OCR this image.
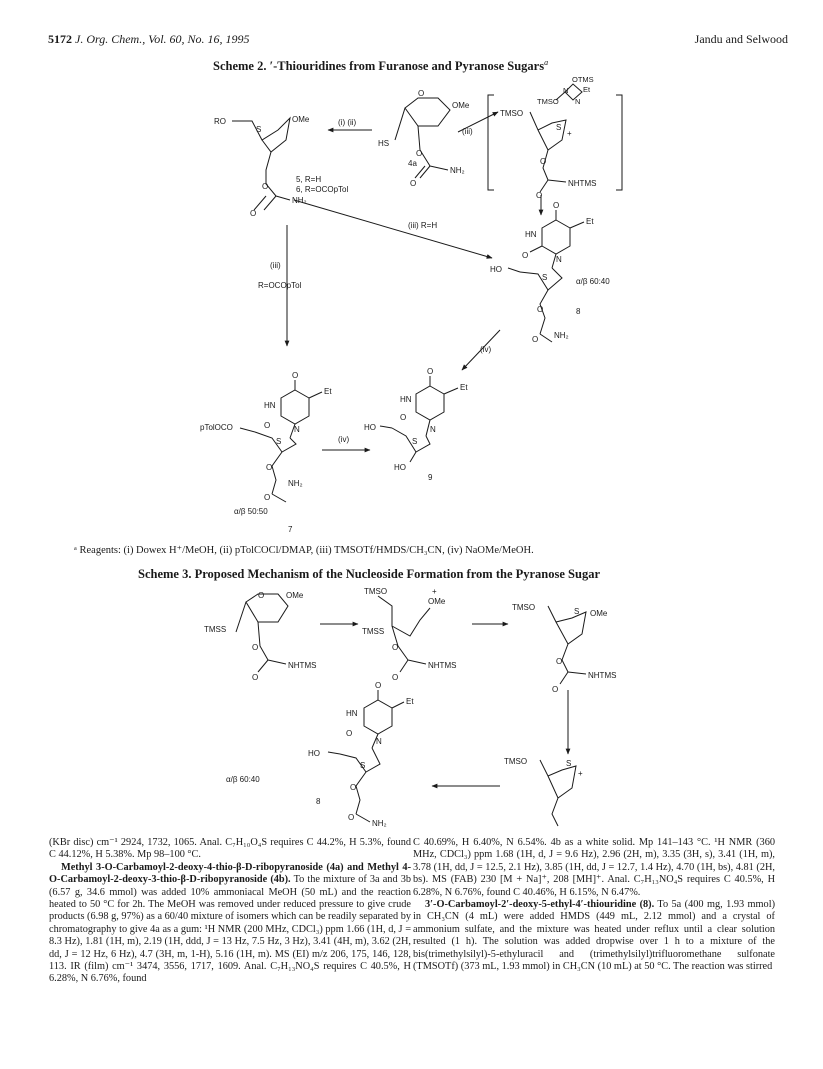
5172 J. Org. Chem., Vol. 60, No. 16, 1995	Jandu and Selwood
Scheme 2. ′-Thiouridines from Furanose and Pyranose Sugars$^a$
ᵃ Reagents: (i) Dowex H⁺/MeOH, (ii) pTolCOCl/DMAP, (iii) TMSOTf/HMDS/CH₃CN, (iv) NaOMe/MeOH.
Scheme 3. Proposed Mechanism of the Nucleoside Formation from the Pyranose Sugar
RO
S
OMe
O
O
NH₂
5, R=H
6, R=OCOpTol
(i) (ii)
O
OMe
HS
4a
O
O
NH₂
(iii)
OTMS
N Et
TMSO N
TMSO
S
+
O
O
NHTMS
(iii) R=H
(iii)
R=OCOpTol
O
HN
Et
O	N
HO
S	α/β 60:40
8
O
O NH₂
(iv)
O
HN
Et
O	N
pTolOCO
S
O
O
NH₂
α/β 50:50
7
(iv)
O
HN
Et
O
N
HO
S
HO
9
O	OMe
TMSS
O
O
NHTMS
TMSO
OMe
+
TMSS
O
O
NHTMS
TMSO	S OMe
O
O
NHTMS
TMSO	S
+
O
HN
Et
O
N
HO
S
α/β 60:40
8
O
O
NH₂

(KBr disc) cm⁻¹ 2924, 1732, 1065. Anal. C₇H₁₀O₄S requires C 44.2%, H 5.3%, found C 44.12%, H 5.38%. Mp 98–100 °C.

Methyl 3-O-Carbamoyl-2-deoxy-4-thio-β-D-ribopyranoside (4a) and Methyl 4-O-Carbamoyl-2-deoxy-3-thio-β-D-ribopyranoside (4b). To the mixture of 3a and 3b (6.57 g, 34.6 mmol) was added 10% ammoniacal MeOH (50 mL) and the reaction heated to 50 °C for 2h. The MeOH was removed under reduced pressure to give crude products (6.98 g, 97%) as a 60/40 mixture of isomers which can be readily separated by chromatography to give 4a as a gum: ¹H NMR (200 MHz, CDCl₃) ppm 1.66 (1H, d, J = 8.3 Hz), 1.81 (1H, m), 2.19 (1H, ddd, J = 13 Hz, 7.5 Hz, 3 Hz), 3.41 (4H, m), 3.62 (2H, dd, J = 12 Hz, 6 Hz), 4.7 (3H, m, 1-H), 5.16 (1H, m). MS (EI) m/z 206, 175, 146, 128, 113. IR (film) cm⁻¹ 3474, 3556, 1717, 1609. Anal. C₇H₁₃NO₄S requires C 40.5%, H 6.28%, N 6.76%, found

C 40.69%, H 6.40%, N 6.54%. 4b as a white solid. Mp 141–143 °C. ¹H NMR (360 MHz, CDCl₃) ppm 1.68 (1H, d, J = 9.6 Hz), 2.96 (2H, m), 3.35 (3H, s), 3.41 (1H, m), 3.78 (1H, dd, J = 12.5, 2.1 Hz), 3.85 (1H, dd, J = 12.7, 1.4 Hz), 4.70 (1H, bs), 4.81 (2H, bs). MS (FAB) 230 [M + Na]⁺, 208 [MH]⁺. Anal. C₇H₁₃NO₄S requires C 40.5%, H 6.28%, N 6.76%, found C 40.46%, H 6.15%, N 6.47%.

3′-O-Carbamoyl-2′-deoxy-5-ethyl-4′-thiouridine (8). To 5a (400 mg, 1.93 mmol) in CH₃CN (4 mL) were added HMDS (449 mL, 2.12 mmol) and a crystal of ammonium sulfate, and the mixture was heated under reflux until a clear solution resulted (1 h). The solution was added dropwise over 1 h to a mixture of the bis(trimethylsilyl)-5-ethyluracil and (trimethylsilyl)trifluoromethane sulfonate (TMSOTf) (373 mL, 1.93 mmol) in CH₃CN (10 mL) at 50 °C. The reaction was stirred
